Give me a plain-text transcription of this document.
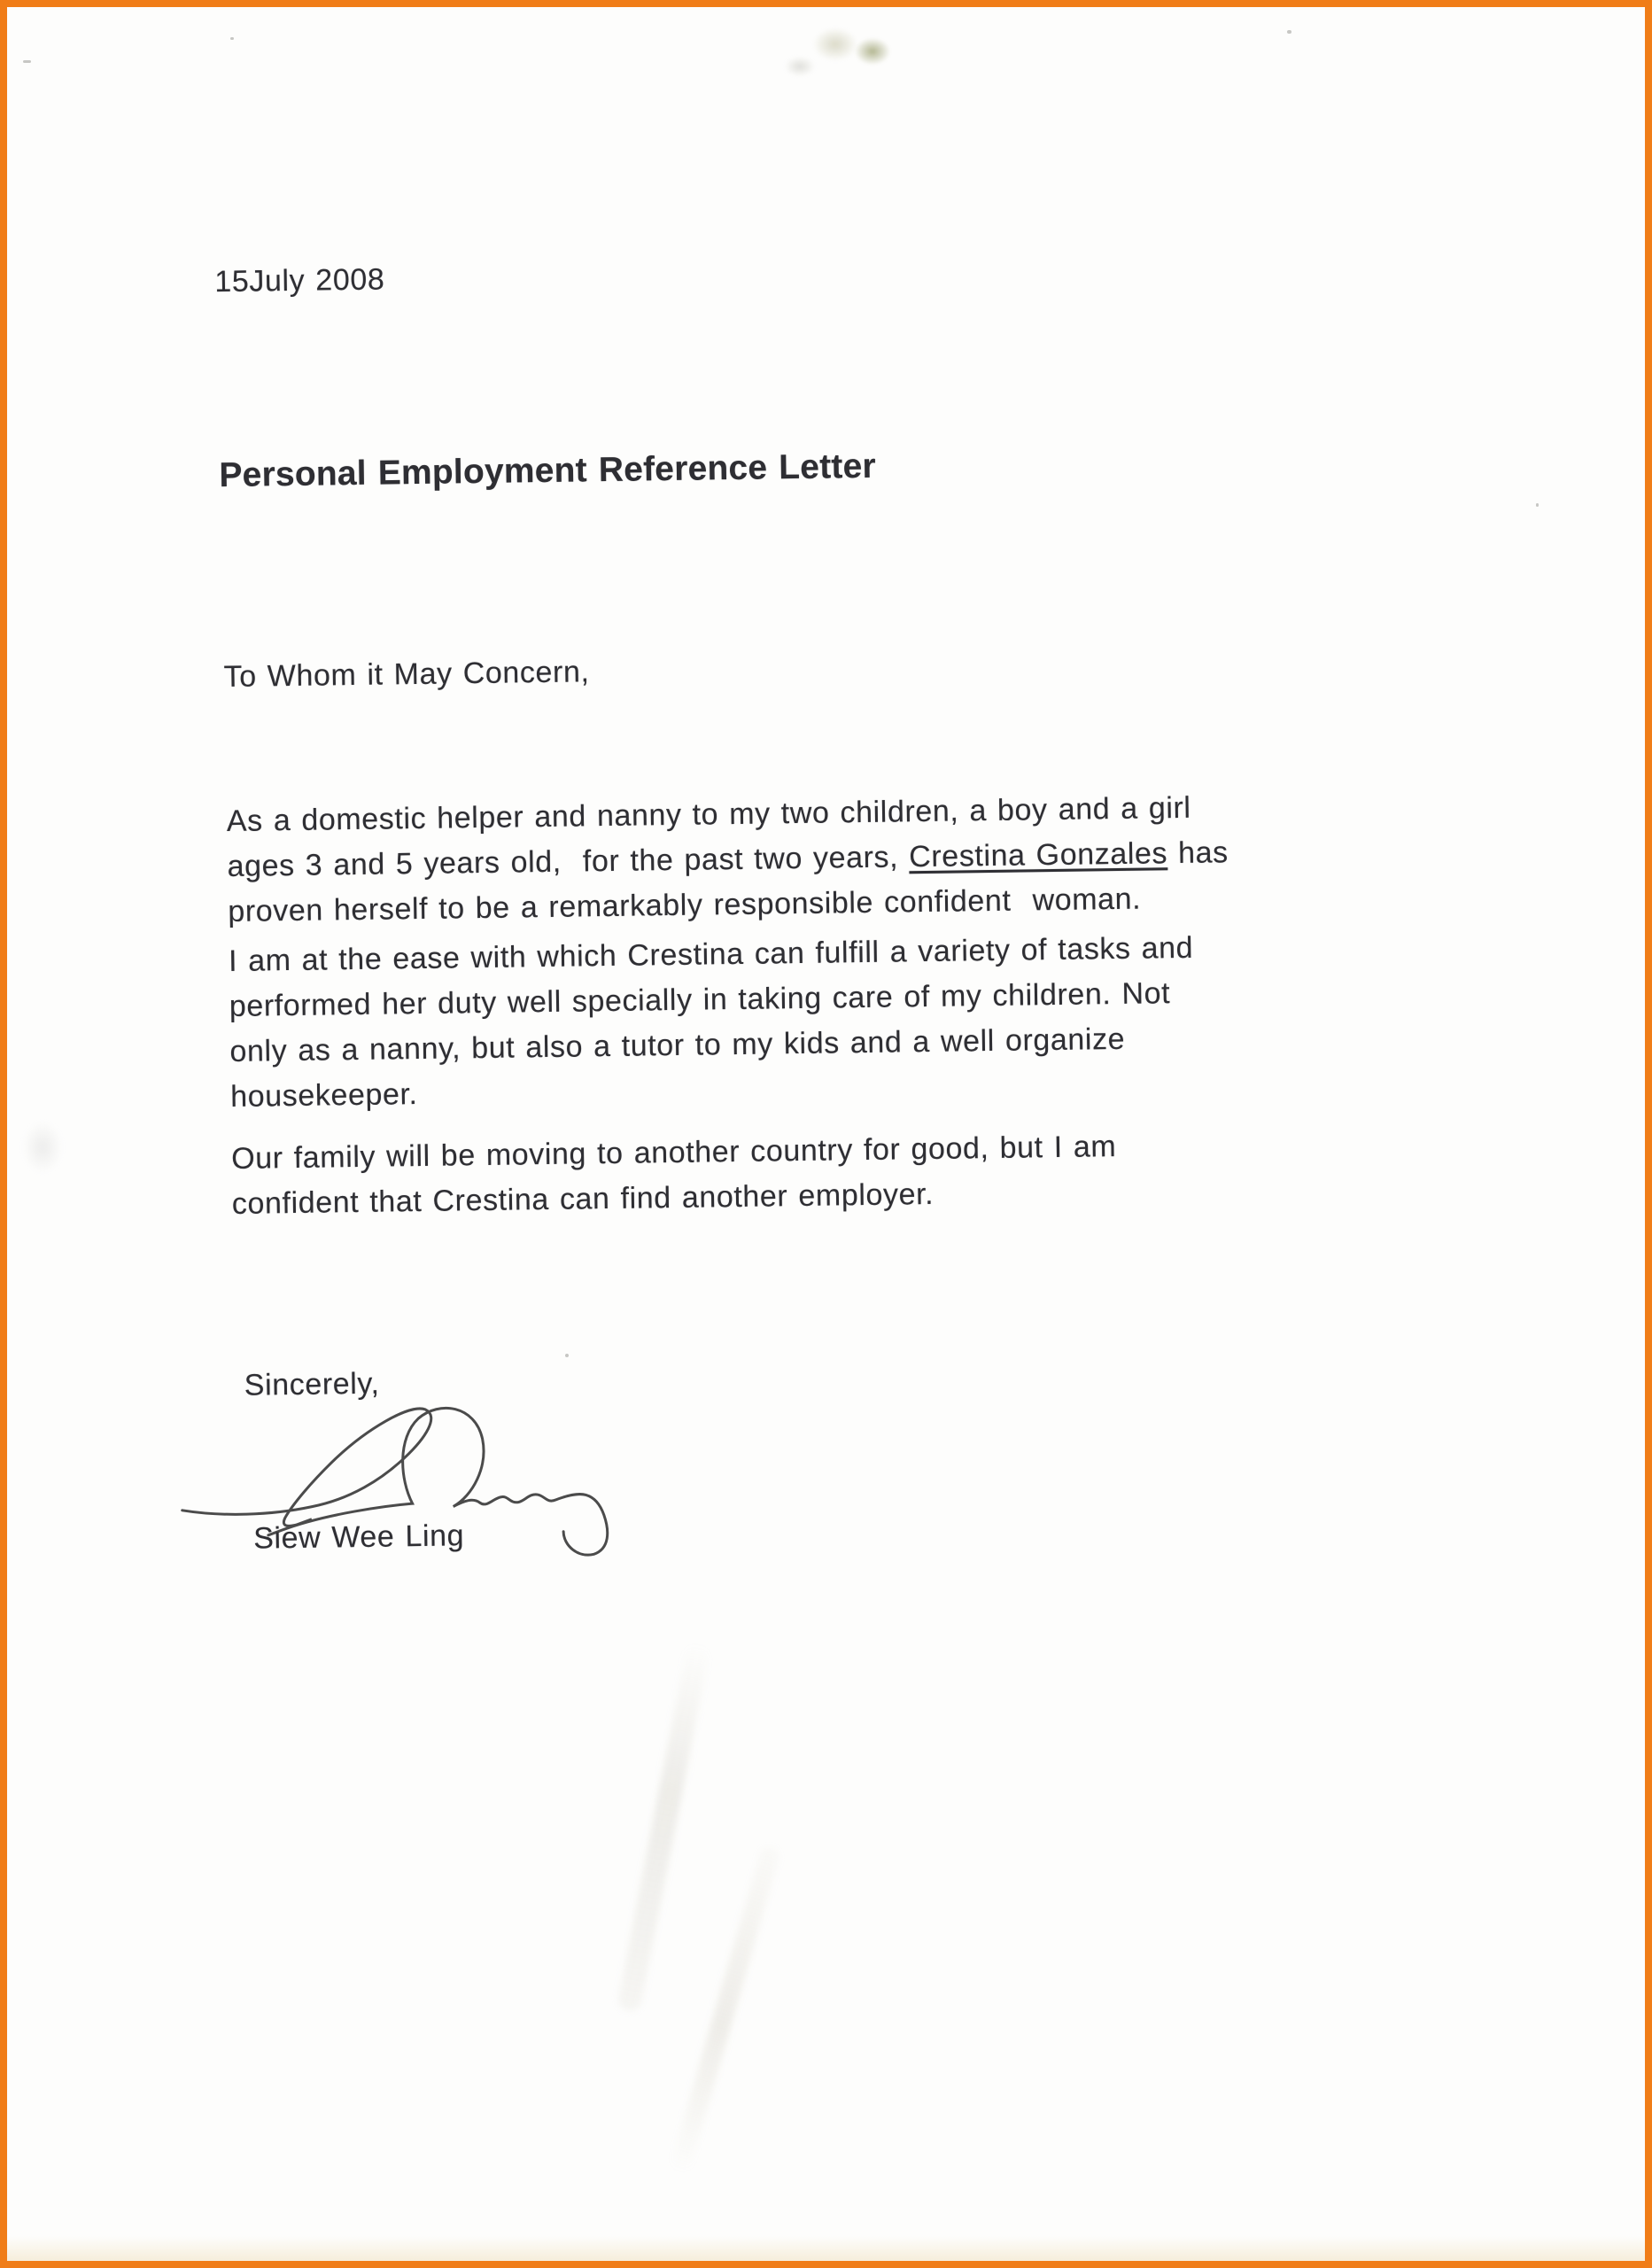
15July 2008
Personal Employment Reference Letter
To Whom it May Concern,
As a domestic helper and nanny to my two children, a boy and a girl
ages 3 and 5 years old,  for the past two years, Crestina Gonzales has
proven herself to be a remarkably responsible confident  woman.
I am at the ease with which Crestina can fulfill a variety of tasks and
performed her duty well specially in taking care of my children. Not
only as a nanny, but also a tutor to my kids and a well organize
housekeeper.
Our family will be moving to another country for good, but I am
confident that Crestina can find another employer.
Sincerely,
Siew Wee Ling
